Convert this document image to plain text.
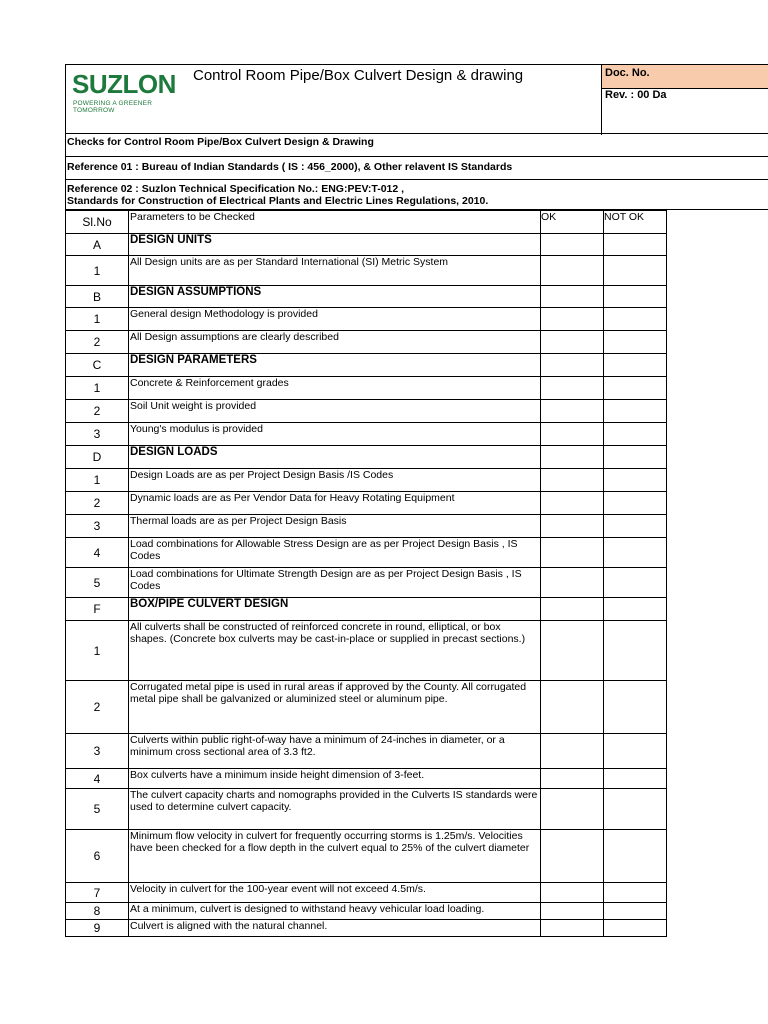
SUZLON
POWERING A GREENER TOMORROW
Control Room Pipe/Box Culvert Design & drawing	Doc. No.
Rev. : 00 Da
Checks for Control Room Pipe/Box Culvert Design & Drawing
Reference 01 : Bureau of Indian Standards ( IS : 456_2000), & Other relavent IS Standards
Reference 02 : Suzlon Technical Specification No.: ENG:PEV:T-012 ,
Standards for Construction of Electrical Plants and Electric Lines Regulations, 2010.
Sl.No	Parameters to be Checked	OK	NOT OK
A	DESIGN UNITS		
1	All Design units are as per Standard International (SI) Metric System		
B	DESIGN ASSUMPTIONS		
1	General design Methodology is provided		
2	All Design assumptions are clearly described		
C	DESIGN PARAMETERS		
1	Concrete & Reinforcement grades		
2	Soil Unit weight is provided		
3	Young's modulus is provided		
D	DESIGN LOADS		
1	Design Loads are as per Project Design Basis /IS Codes		
2	Dynamic loads are as Per Vendor Data for Heavy Rotating Equipment		
3	Thermal loads are as per Project Design Basis		
4	Load combinations for Allowable Stress Design are as per Project Design Basis , IS Codes		
5	Load combinations for Ultimate Strength Design are as per Project Design Basis , IS Codes		
F	BOX/PIPE CULVERT DESIGN		
1	All culverts shall be constructed of reinforced concrete in round, elliptical, or box shapes. (Concrete box culverts may be cast-in-place or supplied in precast sections.)		
2	Corrugated metal pipe is used in rural areas if approved by the County. All corrugated metal pipe shall be galvanized or aluminized steel or aluminum pipe.		
3	Culverts within public right-of-way have a minimum of 24-inches in diameter, or a minimum cross sectional area of 3.3 ft2.		
4	Box culverts have a minimum inside height dimension of 3-feet.		
5	The culvert capacity charts and nomographs provided in the Culverts IS standards were used to determine culvert capacity.		
6	Minimum flow velocity in culvert for frequently occurring storms is 1.25m/s. Velocities have been checked for a flow depth in the culvert equal to 25% of the culvert diameter		
7	Velocity in culvert for the 100-year event will not exceed 4.5m/s.		
8	At a minimum, culvert is designed to withstand heavy vehicular load loading.		
9	Culvert is aligned with the natural channel.		
